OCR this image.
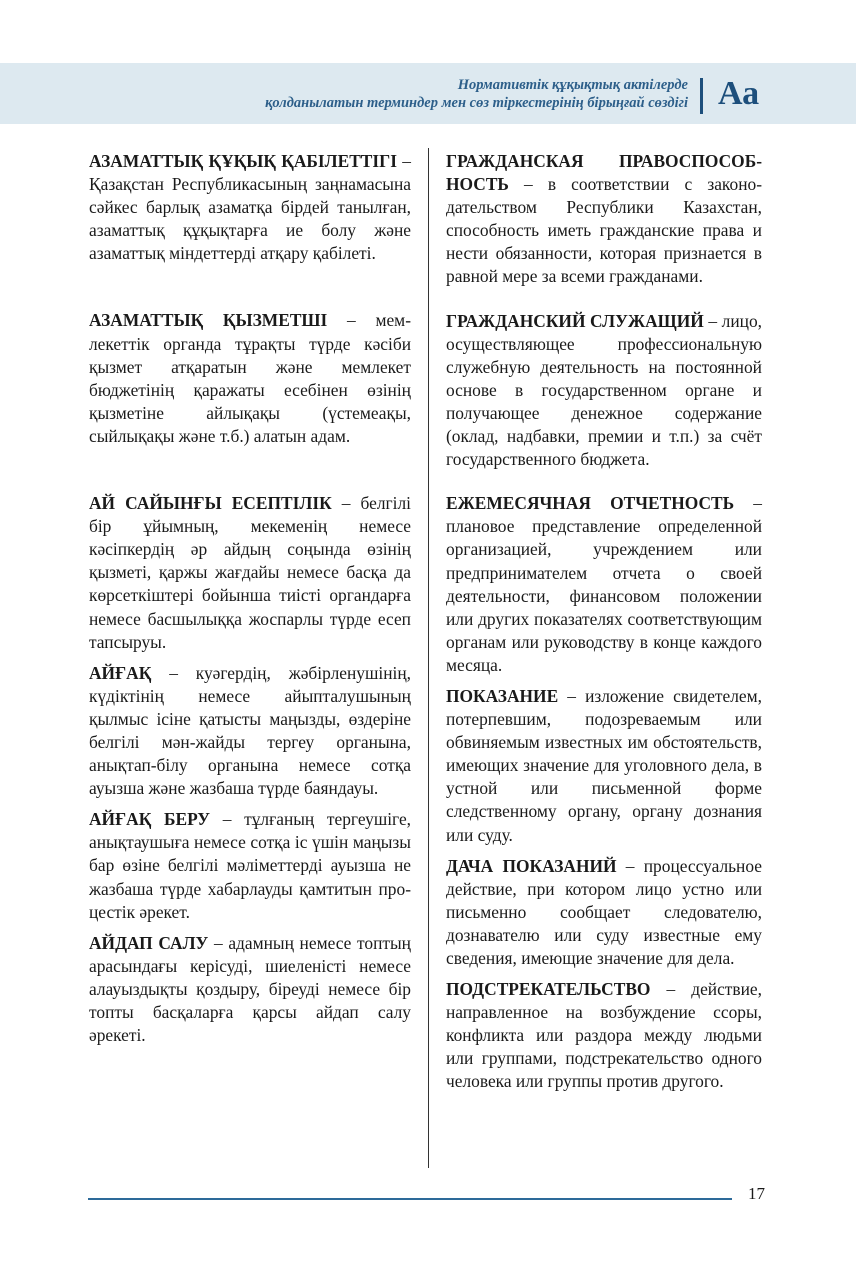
Нормативтік құқықтық актілерде
қолданылатын терминдер мен сөз тіркестерінің бірыңғай сөздігі Аа

АЗАМАТТЫҚ ҚҰҚЫҚ ҚАБІЛЕТТІГІ – Қазақстан Республикасының заңнамасына сәйкес барлық азаматқа бірдей танылған, азаматтық құқықтарға ие болу және азаматтық міндеттерді атқару қабілеті.

АЗАМАТТЫҚ ҚЫЗМЕТШІ – мемлекеттік органда тұрақты түрде кәсіби қызмет атқаратын және мемлекет бюджетінің қаражаты есебінен өзінің қызметіне айлықақы (үстемеақы, сыйлықақы және т.б.) алатын адам.

АЙ САЙЫНҒЫ ЕСЕПТІЛІК – белгілі бір ұйымның, мекеменің немесе кәсіпкердің әр айдың соңында өзінің қызметі, қаржы жағдайы немесе басқа да көрсеткіштері бойынша тиісті органдарға немесе басшылыққа жоспарлы түрде есеп тапсыруы.

АЙҒАҚ – куәгердің, жәбірленушінің, күдіктінің немесе айыпталушының қылмыс ісіне қатысты маңызды, өздеріне белгілі мән-жайды тергеу органына, анықтап-білу органына немесе сотқа ауызша және жазбаша түрде баяндауы.

АЙҒАҚ БЕРУ – тұлғаның тергеушіге, анықтаушыға немесе сотқа іс үшін маңызы бар өзіне белгілі мәліметтерді ауызша не жазбаша түрде хабарлауды қамтитын процестік әрекет.

АЙДАП САЛУ – адамның немесе топтың арасындағы керісуді, шиеленісті немесе алауыздықты қоздыру, біреуді немесе бір топты басқаларға қарсы айдап салу әрекеті.

ГРАЖДАНСКАЯ ПРАВОСПОСОБНОСТЬ – в соответствии с законодательством Республики Казахстан, способность иметь гражданские права и нести обязанности, которая признается в равной мере за всеми гражданами.

ГРАЖДАНСКИЙ СЛУЖАЩИЙ – лицо, осуществляющее профессиональную служебную деятельность на постоянной основе в государственном органе и получающее денежное содержание (оклад, надбавки, премии и т.п.) за счёт государственного бюджета.

ЕЖЕМЕСЯЧНАЯ ОТЧЕТНОСТЬ – плановое представление определенной организацией, учреждением или предпринимателем отчета о своей деятельности, финансовом положении или других показателях соответствующим органам или руководству в конце каждого месяца.

ПОКАЗАНИЕ – изложение свидетелем, потерпевшим, подозреваемым или обвиняемым известных им обстоятельств, имеющих значение для уголовного дела, в устной или письменной форме следственному органу, органу дознания или суду.

ДАЧА ПОКАЗАНИЙ – процессуальное действие, при котором лицо устно или письменно сообщает следователю, дознавателю или суду известные ему сведения, имеющие значение для дела.

ПОДСТРЕКАТЕЛЬСТВО – действие, направленное на возбуждение ссоры, конфликта или раздора между людьми или группами, подстрекательство одного человека или группы против другого.

17
